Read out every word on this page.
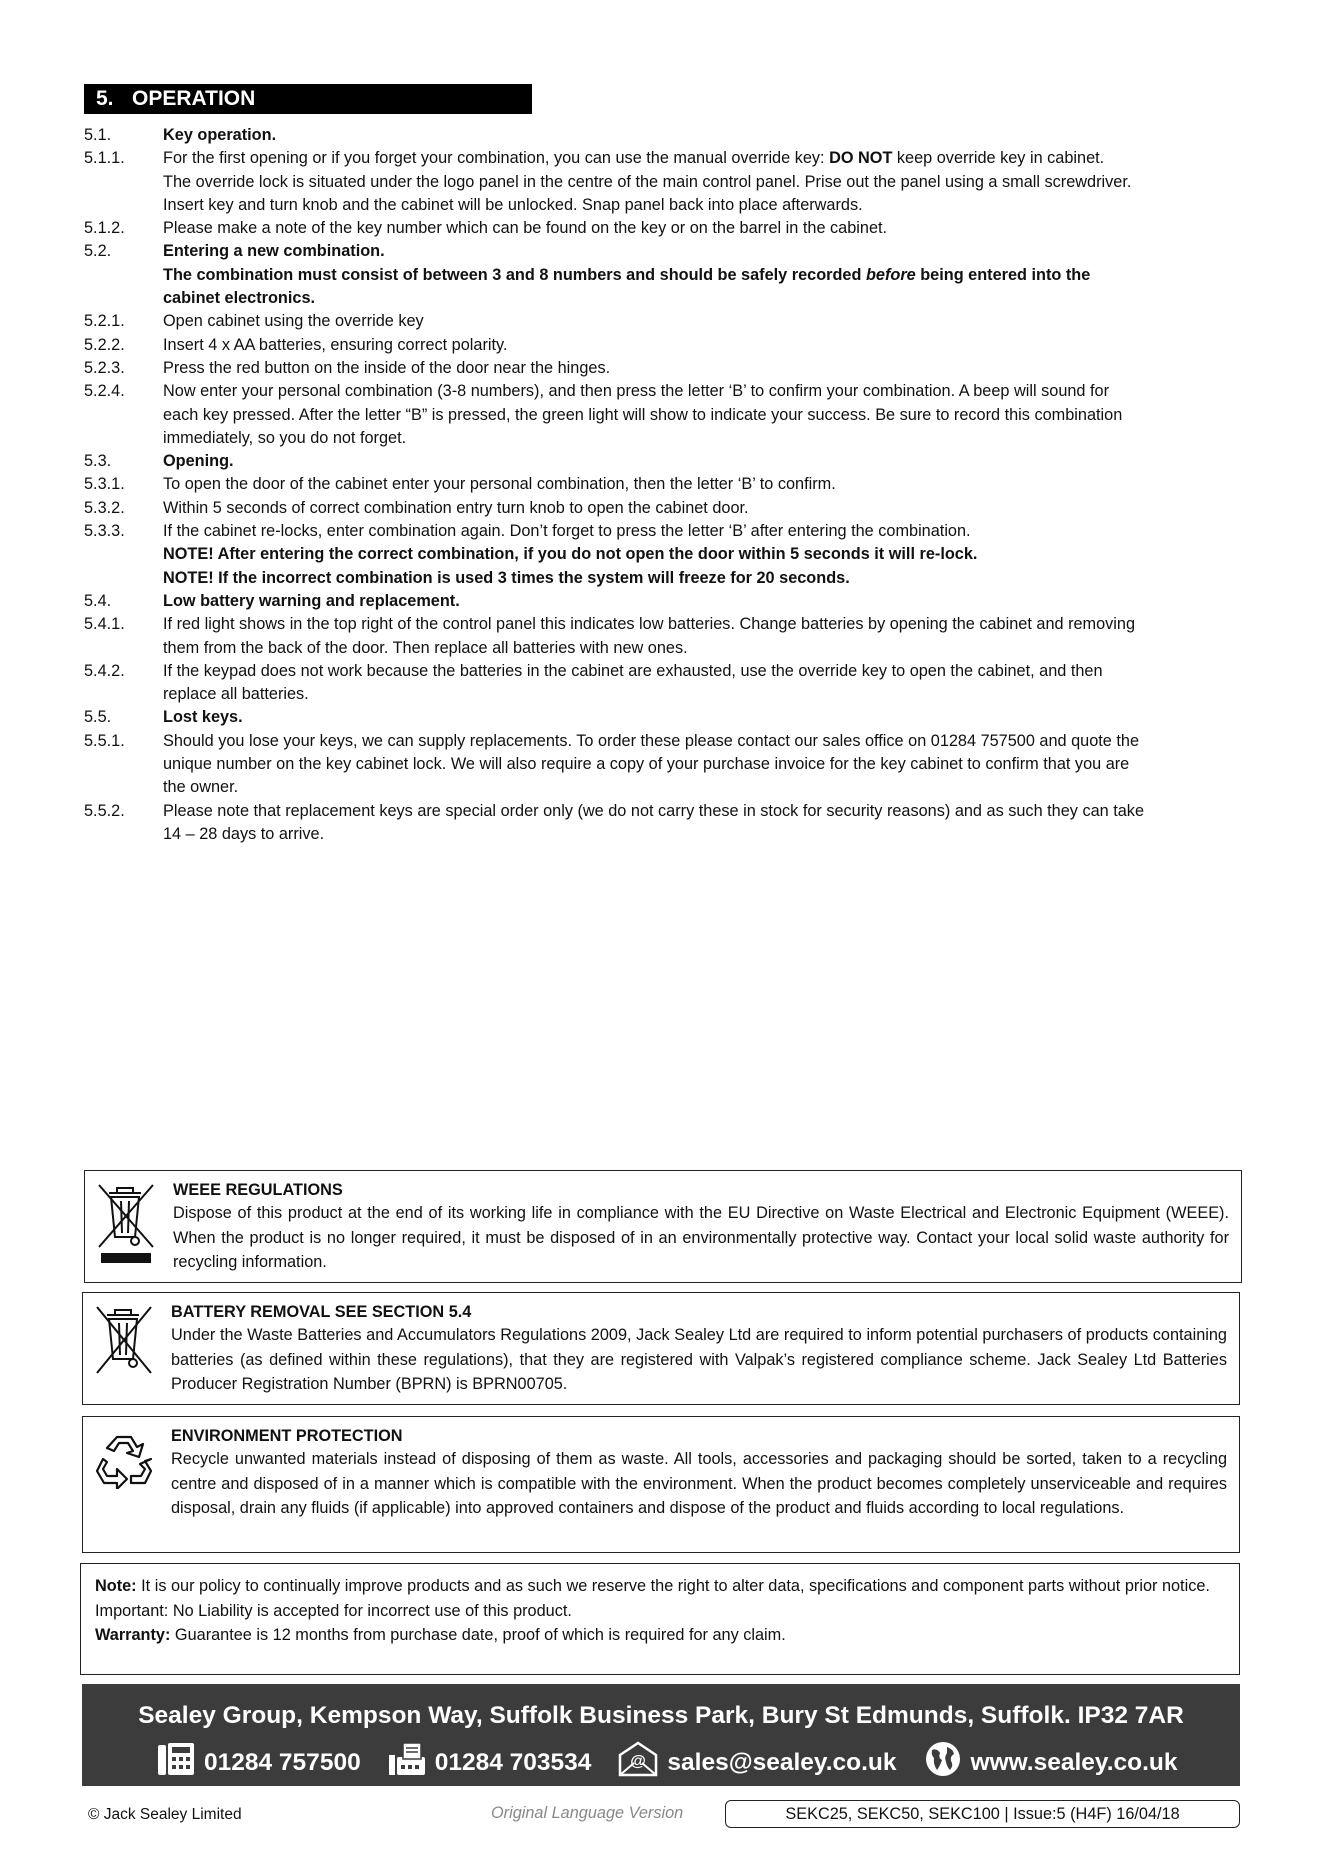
5. OPERATION
5.1.	Key operation.
5.1.1.	For the first opening or if you forget your combination, you can use the manual override key: DO NOT keep override key in cabinet.
The override lock is situated under the logo panel in the centre of the main control panel. Prise out the panel using a small screwdriver.
Insert key and turn knob and the cabinet will be unlocked. Snap panel back into place afterwards.
5.1.2.	Please make a note of the key number which can be found on the key or on the barrel in the cabinet.
5.2.	Entering a new combination.
The combination must consist of between 3 and 8 numbers and should be safely recorded before being entered into the
cabinet electronics.
5.2.1.	Open cabinet using the override key
5.2.2.	Insert 4 x AA batteries, ensuring correct polarity.
5.2.3.	Press the red button on the inside of the door near the hinges.
5.2.4.	Now enter your personal combination (3-8 numbers), and then press the letter ‘B’ to confirm your combination. A beep will sound for
each key pressed. After the letter “B” is pressed, the green light will show to indicate your success. Be sure to record this combination
immediately, so you do not forget.
5.3.	Opening.
5.3.1.	To open the door of the cabinet enter your personal combination, then the letter ‘B’ to confirm.
5.3.2.	Within 5 seconds of correct combination entry turn knob to open the cabinet door.
5.3.3.	If the cabinet re-locks, enter combination again. Don’t forget to press the letter ‘B’ after entering the combination.
NOTE! After entering the correct combination, if you do not open the door within 5 seconds it will re-lock.
NOTE! If the incorrect combination is used 3 times the system will freeze for 20 seconds.
5.4.	Low battery warning and replacement.
5.4.1.	If red light shows in the top right of the control panel this indicates low batteries. Change batteries by opening the cabinet and removing
them from the back of the door. Then replace all batteries with new ones.
5.4.2.	If the keypad does not work because the batteries in the cabinet are exhausted, use the override key to open the cabinet, and then
replace all batteries.
5.5.	Lost keys.
5.5.1.	Should you lose your keys, we can supply replacements. To order these please contact our sales office on 01284 757500 and quote the
unique number on the key cabinet lock. We will also require a copy of your purchase invoice for the key cabinet to confirm that you are
the owner.
5.5.2.	Please note that replacement keys are special order only (we do not carry these in stock for security reasons) and as such they can take
14 – 28 days to arrive.
WEEE REGULATIONS
Dispose of this product at the end of its working life in compliance with the EU Directive on Waste Electrical and Electronic Equipment (WEEE). When the product is no longer required, it must be disposed of in an environmentally protective way. Contact your local solid waste authority for recycling information.
BATTERY REMOVAL SEE SECTION 5.4
Under the Waste Batteries and Accumulators Regulations 2009, Jack Sealey Ltd are required to inform potential purchasers of products containing batteries (as defined within these regulations), that they are registered with Valpak’s registered compliance scheme. Jack Sealey Ltd Batteries Producer Registration Number (BPRN) is BPRN00705.
ENVIRONMENT PROTECTION
Recycle unwanted materials instead of disposing of them as waste. All tools, accessories and packaging should be sorted, taken to a recycling centre and disposed of in a manner which is compatible with the environment. When the product becomes completely unserviceable and requires disposal, drain any fluids (if applicable) into approved containers and dispose of the product and fluids according to local regulations.
Note: It is our policy to continually improve products and as such we reserve the right to alter data, specifications and component parts without prior notice.
Important: No Liability is accepted for incorrect use of this product.
Warranty: Guarantee is 12 months from purchase date, proof of which is required for any claim.
Sealey Group, Kempson Way, Suffolk Business Park, Bury St Edmunds, Suffolk. IP32 7AR
01284 757500	01284 703534 @ sales@sealey.co.uk	www.sealey.co.uk
© Jack Sealey Limited	Original Language Version	SEKC25, SEKC50, SEKC100 | Issue:5 (H4F) 16/04/18
